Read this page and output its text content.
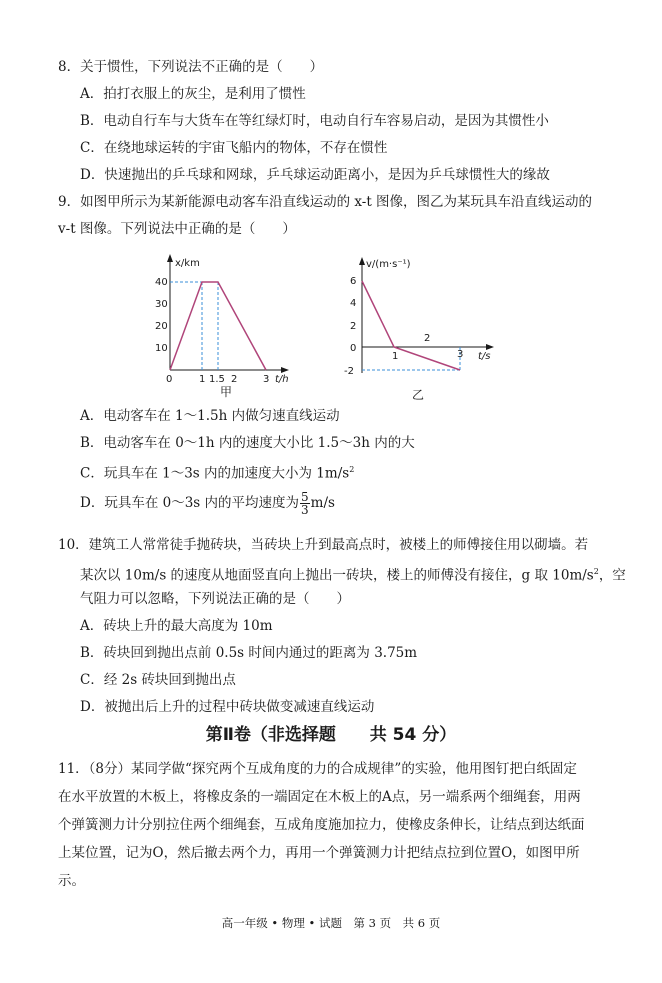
8．关于惯性，下列说法不正确的是（　　）
A．拍打衣服上的灰尘，是利用了惯性
B．电动自行车与大货车在等红绿灯时，电动自行车容易启动，是因为其惯性小
C．在绕地球运转的宇宙飞船内的物体，不存在惯性
D．快速抛出的乒乓球和网球，乒乓球运动距离小，是因为乒乓球惯性大的缘故
9．如图甲所示为某新能源电动客车沿直线运动的 x-t 图像，图乙为某玩具车沿直线运动的
v-t 图像。下列说法中正确的是（　　）
x/km
40
30
20
10
0	1 1.5 2	3 t/h
甲
v/(m·s⁻¹)
6
4
2
0
-2
1
2
3 t/s
乙
A．电动客车在 1～1.5h 内做匀速直线运动
B．电动客车在 0～1h 内的速度大小比 1.5～3h 内的大
C．玩具车在 1～3s 内的加速度大小为 $1m/s^2$
D．玩具车在 0～3s 内的平均速度为 $\frac{5}{3} m/s$
10．建筑工人常常徒手抛砖块，当砖块上升到最高点时，被楼上的师傅接住用以砌墙。若
某次以 10m/s 的速度从地面竖直向上抛出一砖块，楼上的师傅没有接住，g 取 $10m/s^2$，空
气阻力可以忽略，下列说法正确的是（　　）
A．砖块上升的最大高度为 10m
B．砖块回到抛出点前 0.5s 时间内通过的距离为 3.75m
C．经 2s 砖块回到抛出点
D．被抛出后上升的过程中砖块做变减速直线运动
第Ⅱ卷（非选择题 共 54 分）
11．（8分）某同学做“探究两个互成角度的力的合成规律”的实验，他用图钉把白纸固定
在水平放置的木板上，将橡皮条的一端固定在木板上的A点，另一端系两个细绳套，用两
个弹簧测力计分别拉住两个细绳套，互成角度施加拉力，使橡皮条伸长，让结点到达纸面
上某位置，记为O，然后撤去两个力，再用一个弹簧测力计把结点拉到位置O，如图甲所
示。
高一年级 • 物理 • 试题　第 3 页　共 6 页
